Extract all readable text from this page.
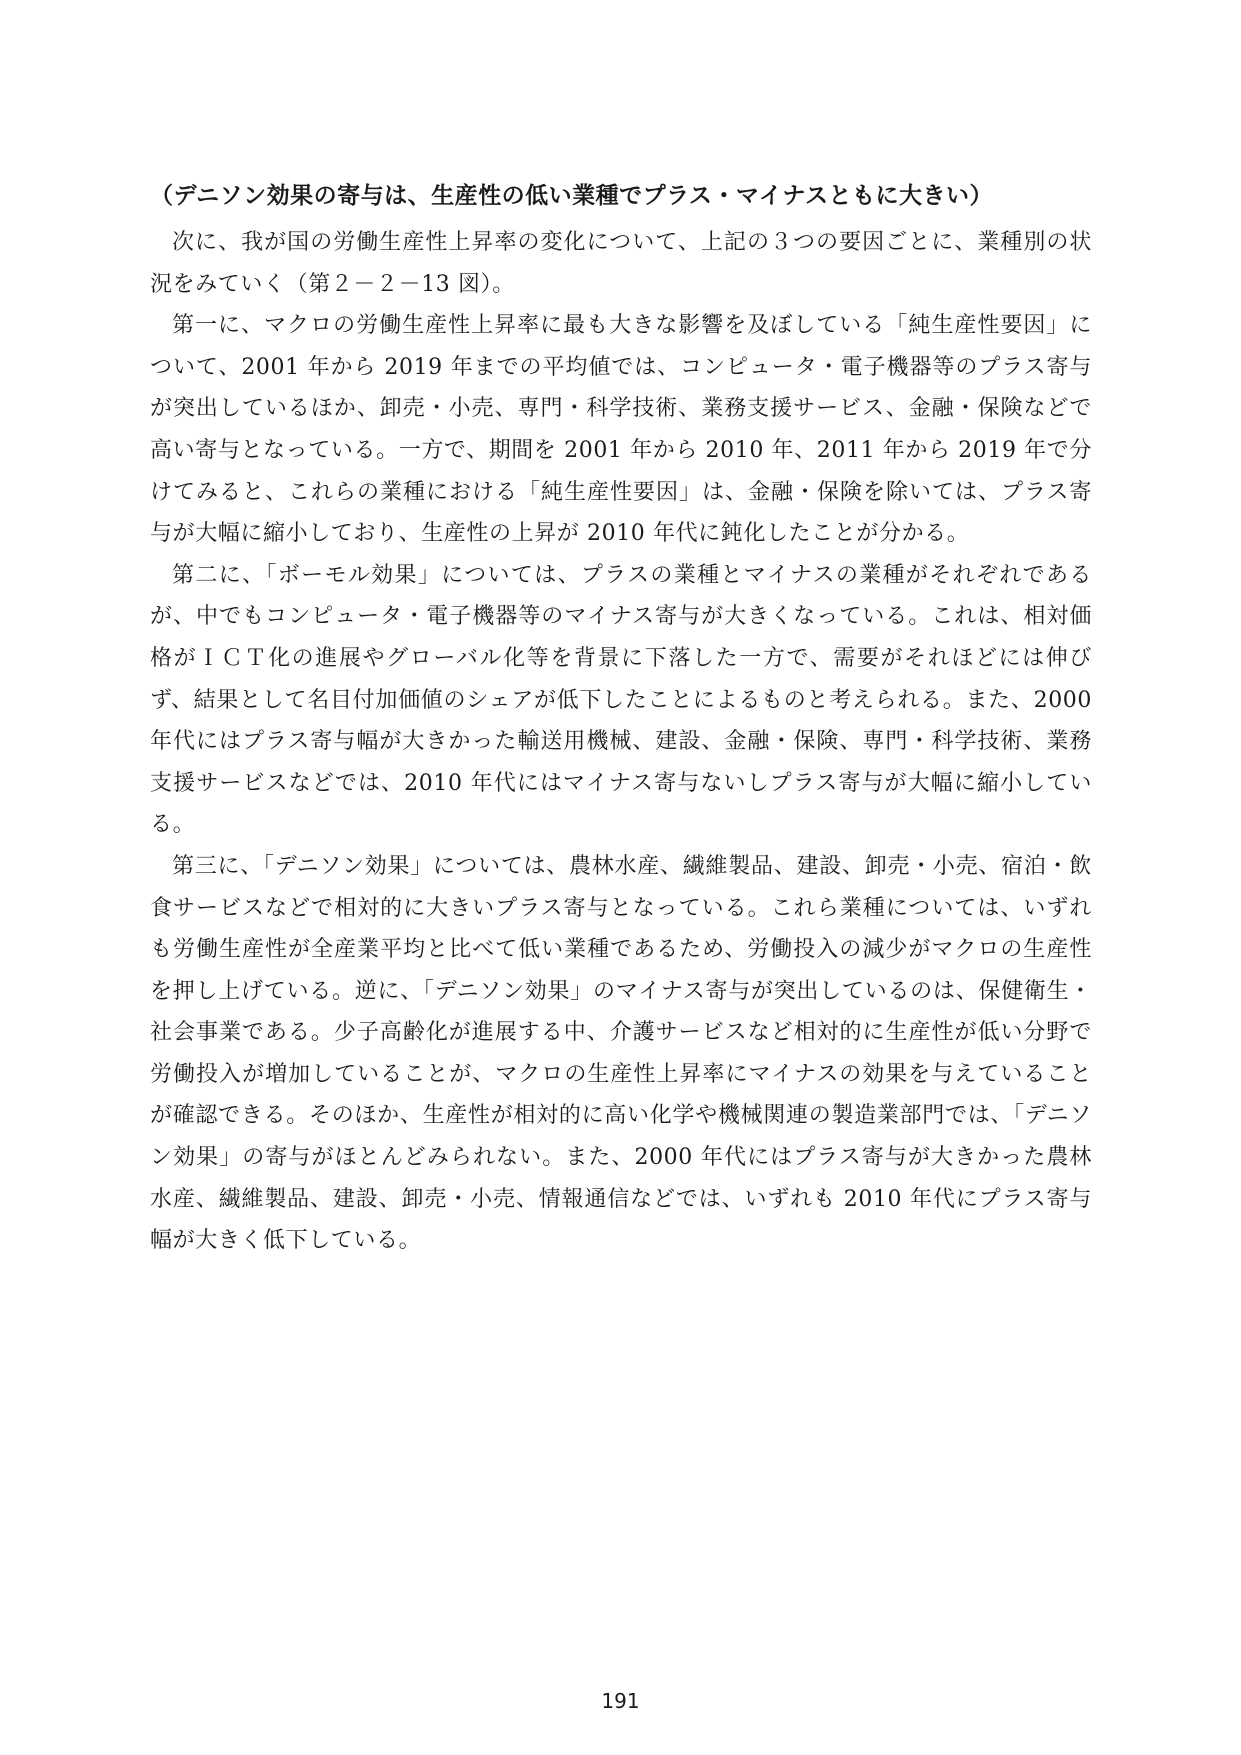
（デニソン効果の寄与は、生産性の低い業種でプラス・マイナスともに大きい）

次に、我が国の労働生産性上昇率の変化について、上記の３つの要因ごとに、業種別の状況をみていく（第２－２－13 図）。

第一に、マクロの労働生産性上昇率に最も大きな影響を及ぼしている「純生産性要因」について、2001 年から 2019 年までの平均値では、コンピュータ・電子機器等のプラス寄与が突出しているほか、卸売・小売、専門・科学技術、業務支援サービス、金融・保険などで高い寄与となっている。一方で、期間を 2001 年から 2010 年、2011 年から 2019 年で分けてみると、これらの業種における「純生産性要因」は、金融・保険を除いては、プラス寄与が大幅に縮小しており、生産性の上昇が 2010 年代に鈍化したことが分かる。

第二に、「ボーモル効果」については、プラスの業種とマイナスの業種がそれぞれであるが、中でもコンピュータ・電子機器等のマイナス寄与が大きくなっている。これは、相対価格がＩＣＴ化の進展やグローバル化等を背景に下落した一方で、需要がそれほどには伸びず、結果として名目付加価値のシェアが低下したことによるものと考えられる。また、2000 年代にはプラス寄与幅が大きかった輸送用機械、建設、金融・保険、専門・科学技術、業務支援サービスなどでは、2010 年代にはマイナス寄与ないしプラス寄与が大幅に縮小している。

第三に、「デニソン効果」については、農林水産、繊維製品、建設、卸売・小売、宿泊・飲食サービスなどで相対的に大きいプラス寄与となっている。これら業種については、いずれも労働生産性が全産業平均と比べて低い業種であるため、労働投入の減少がマクロの生産性を押し上げている。逆に、「デニソン効果」のマイナス寄与が突出しているのは、保健衛生・社会事業である。少子高齢化が進展する中、介護サービスなど相対的に生産性が低い分野で労働投入が増加していることが、マクロの生産性上昇率にマイナスの効果を与えていることが確認できる。そのほか、生産性が相対的に高い化学や機械関連の製造業部門では、「デニソン効果」の寄与がほとんどみられない。また、2000 年代にはプラス寄与が大きかった農林水産、繊維製品、建設、卸売・小売、情報通信などでは、いずれも 2010 年代にプラス寄与幅が大きく低下している。

191
